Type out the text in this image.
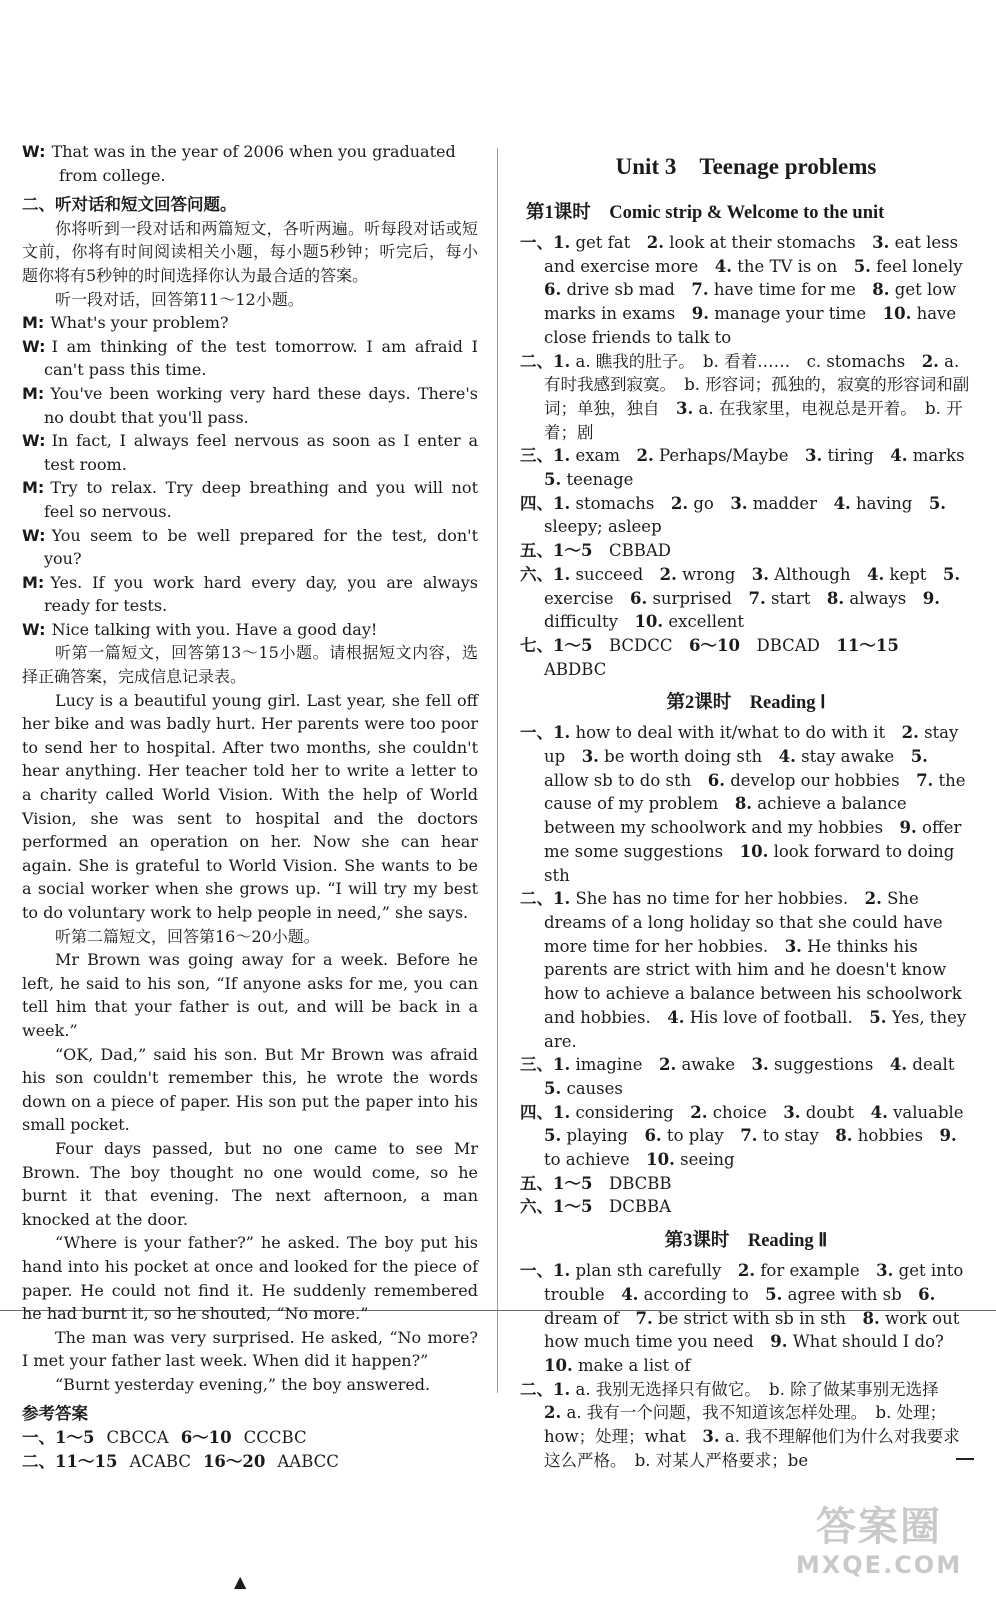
W: That was in the year of 2006 when you graduated

from college.

二、听对话和短文回答问题。

你将听到一段对话和两篇短文，各听两遍。听每段对话或短文前，你将有时间阅读相关小题，每小题5秒钟；听完后，每小题你将有5秒钟的时间选择你认为最合适的答案。

听一段对话，回答第11～12小题。

M: What's your problem?

W: I am thinking of the test tomorrow. I am afraid I can't pass this time.

M: You've been working very hard these days. There's no doubt that you'll pass.

W: In fact, I always feel nervous as soon as I enter a test room.

M: Try to relax. Try deep breathing and you will not feel so nervous.

W: You seem to be well prepared for the test, don't you?

M: Yes. If you work hard every day, you are always ready for tests.

W: Nice talking with you. Have a good day!

听第一篇短文，回答第13～15小题。请根据短文内容，选择正确答案，完成信息记录表。

Lucy is a beautiful young girl. Last year, she fell off her bike and was badly hurt. Her parents were too poor to send her to hospital. After two months, she couldn't hear anything. Her teacher told her to write a letter to a charity called World Vision. With the help of World Vision, she was sent to hospital and the doctors performed an operation on her. Now she can hear again. She is grateful to World Vision. She wants to be a social worker when she grows up. “I will try my best to do voluntary work to help people in need,” she says.

听第二篇短文，回答第16～20小题。

Mr Brown was going away for a week. Before he left, he said to his son, “If anyone asks for me, you can tell him that your father is out, and will be back in a week.”

“OK, Dad,” said his son. But Mr Brown was afraid his son couldn't remember this, he wrote the words down on a piece of paper. His son put the paper into his small pocket.

Four days passed, but no one came to see Mr Brown. The boy thought no one would come, so he burnt it that evening. The next afternoon, a man knocked at the door.

“Where is your father?” he asked. The boy put his hand into his pocket at once and looked for the piece of paper. He could not find it. He suddenly remembered he had burnt it, so he shouted, “No more.”

The man was very surprised. He asked, “No more? I met your father last week. When did it happen?”

“Burnt yesterday evening,” the boy answered.

参考答案

一、1～5 CBCCA 6～10 CCCBC
二、11～15 ACABC 16～20 AABCC
Unit 3　Teenage problems
第1课时　Comic strip & Welcome to the unit

一、1. get fat　2. look at their stomachs　3. eat less and exercise more　4. the TV is on　5. feel lonely　6. drive sb mad　7. have time for me　8. get low marks in exams　9. manage your time　10. have close friends to talk to

二、1. a. 瞧我的肚子。　b. 看着……　c. stomachs　2. a. 有时我感到寂寞。　b. 形容词；孤独的，寂寞的形容词和副词；单独，独自　3. a. 在我家里，电视总是开着。　b. 开着；剧

三、1. exam　2. Perhaps/Maybe　3. tiring　4. marks　5. teenage

四、1. stomachs　2. go　3. madder　4. having　5. sleepy; asleep

五、1～5　CBBAD

六、1. succeed　2. wrong　3. Although　4. kept　5. exercise　6. surprised　7. start　8. always　9. difficulty　10. excellent

七、1～5　BCDCC　6～10　DBCAD　11～15　ABDBC

第2课时　Reading Ⅰ

一、1. how to deal with it/what to do with it　2. stay up　3. be worth doing sth　4. stay awake　5. allow sb to do sth　6. develop our hobbies　7. the cause of my problem　8. achieve a balance between my schoolwork and my hobbies　9. offer me some suggestions　10. look forward to doing sth

二、1. She has no time for her hobbies.　2. She dreams of a long holiday so that she could have more time for her hobbies.　3. He thinks his parents are strict with him and he doesn't know how to achieve a balance between his schoolwork and hobbies.　4. His love of football.　5. Yes, they are.

三、1. imagine　2. awake　3. suggestions　4. dealt　5. causes

四、1. considering　2. choice　3. doubt　4. valuable　5. playing　6. to play　7. to stay　8. hobbies　9. to achieve　10. seeing

五、1～5　DBCBB

六、1～5　DCBBA

第3课时　Reading Ⅱ

一、1. plan sth carefully　2. for example　3. get into trouble　4. according to　5. agree with sb　6. dream of　7. be strict with sb in sth　8. work out how much time you need　9. What should I do?　10. make a list of

二、1. a. 我别无选择只有做它。　b. 除了做某事别无选择　2. a. 我有一个问题，我不知道该怎样处理。　b. 处理；how；处理；what　3. a. 我不理解他们为什么对我要求这么严格。　b. 对某人严格要求；be

▲
答案圈
MXQE.COM
